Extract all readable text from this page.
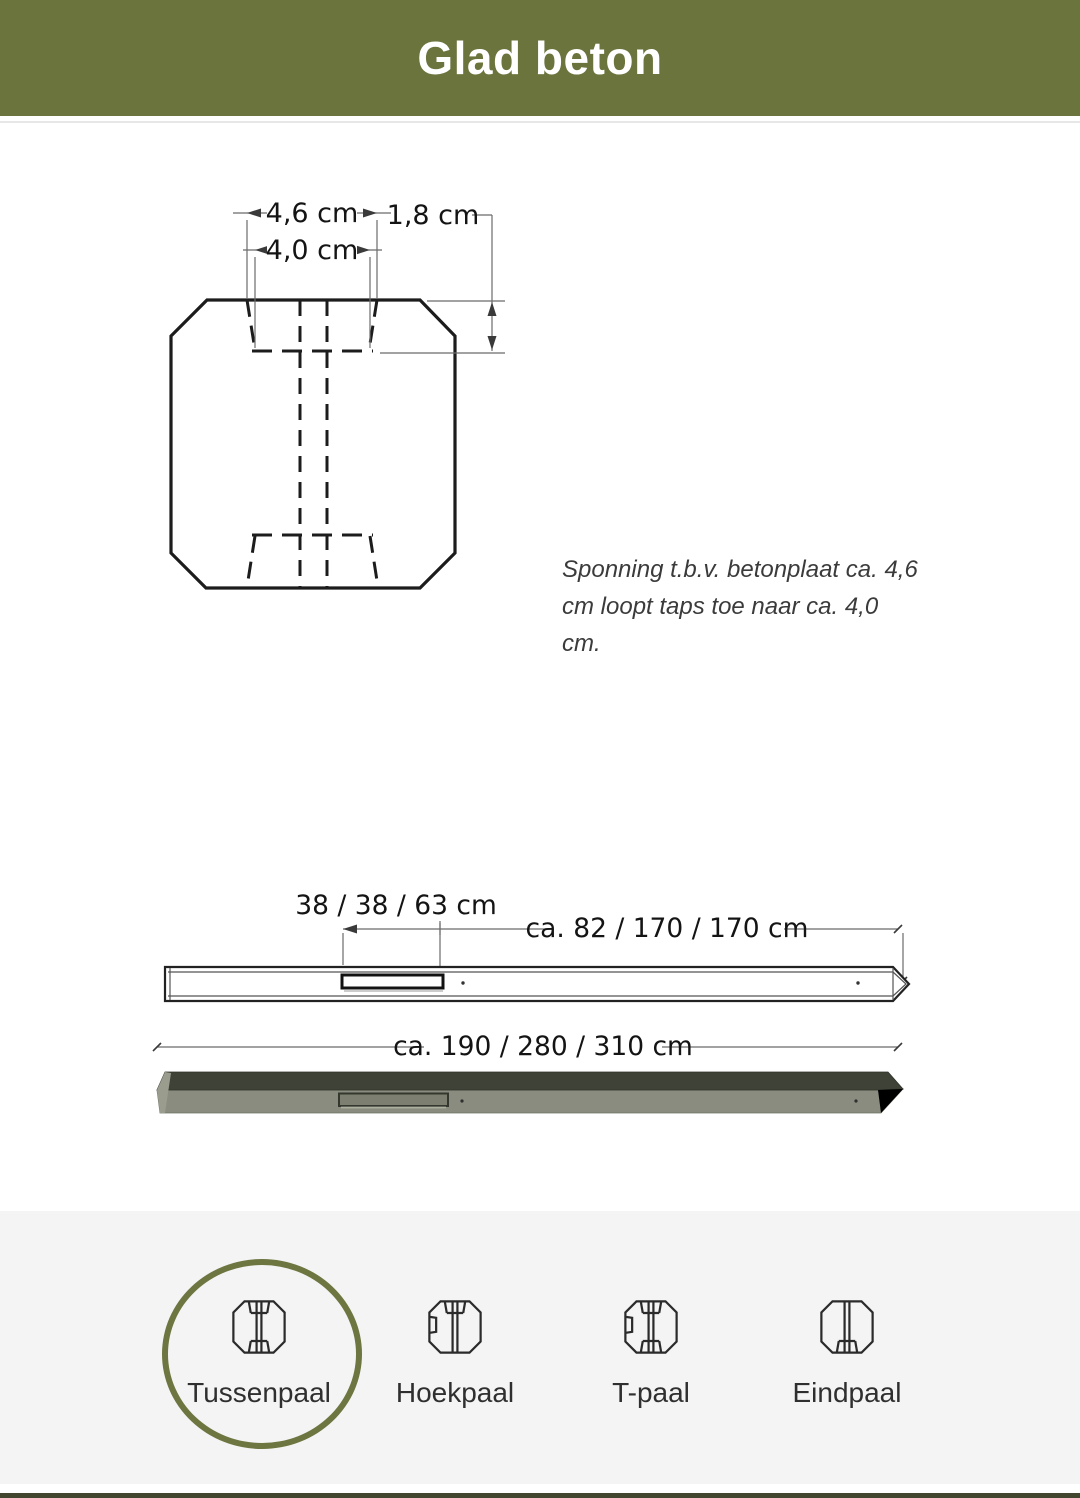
Glad beton
4,6 cm
4,0 cm
1,8 cm
Sponning t.b.v. betonplaat ca. 4,6
cm loopt taps toe naar ca. 4,0 cm.
38 / 38 / 63 cm
ca. 82 / 170 / 170 cm
ca. 190 / 280 / 310 cm
Tussenpaal	Hoekpaal	T-paal	Eindpaal
